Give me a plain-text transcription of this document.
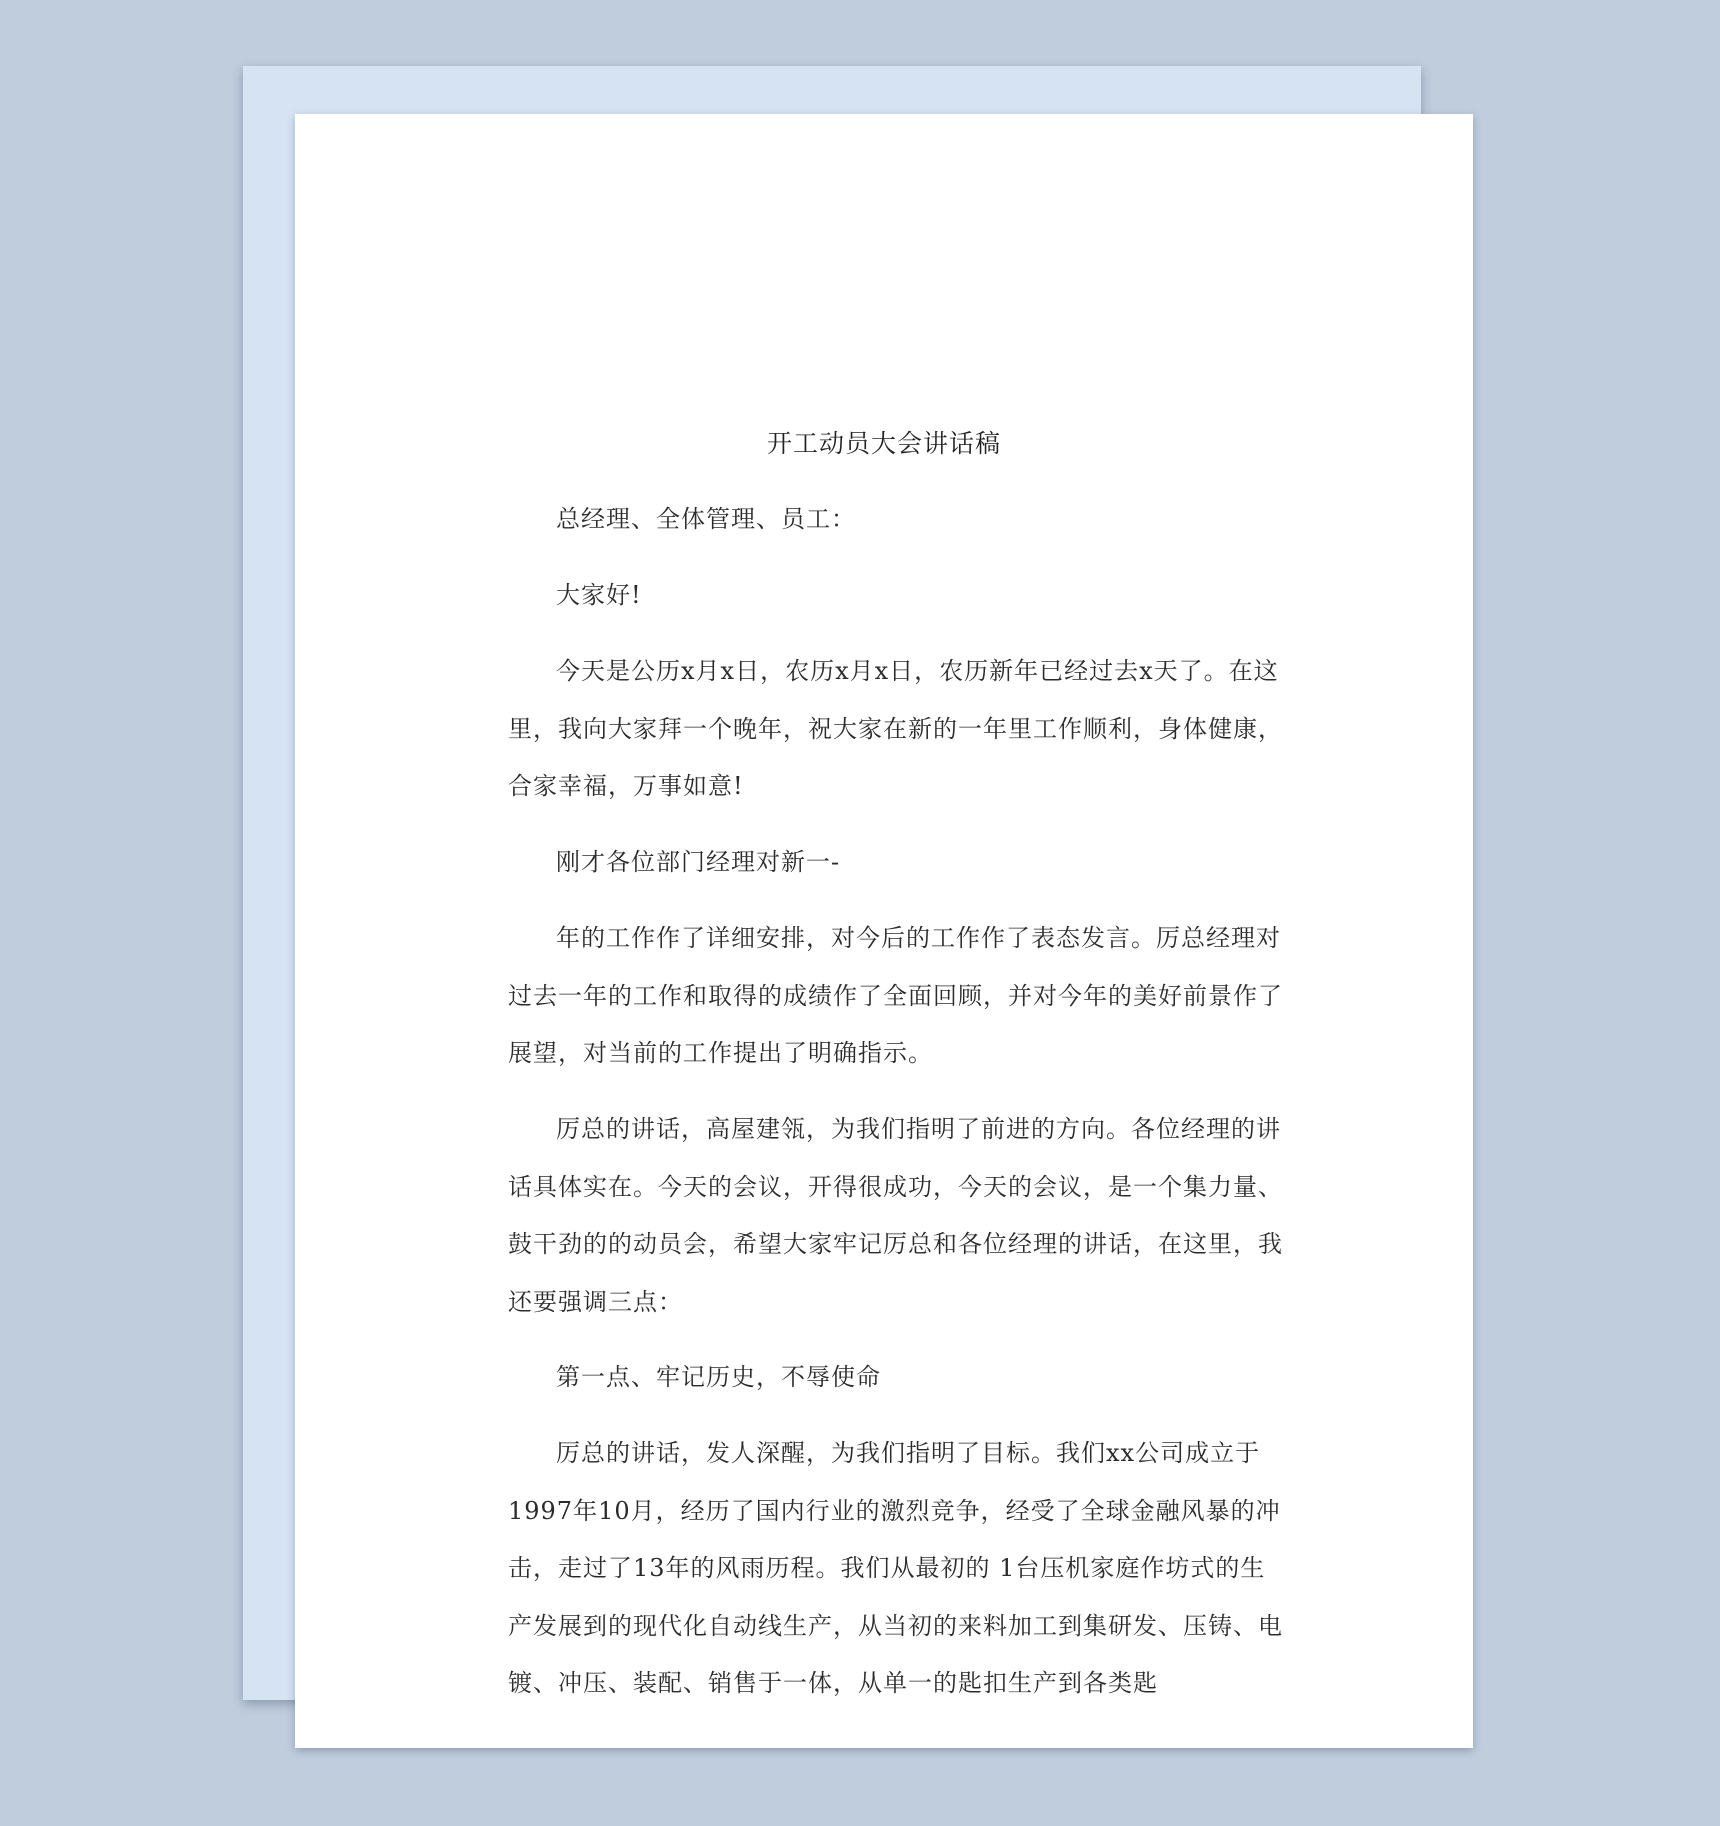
开工动员大会讲话稿

总经理、全体管理、员工：

大家好!

今天是公历x月x日，农历x月x日，农历新年已经过去x天了。在这里，我向大家拜一个晚年，祝大家在新的一年里工作顺利，身体健康，合家幸福，万事如意!

刚才各位部门经理对新一-

年的工作作了详细安排，对今后的工作作了表态发言。厉总经理对过去一年的工作和取得的成绩作了全面回顾，并对今年的美好前景作了展望，对当前的工作提出了明确指示。

厉总的讲话，高屋建瓴，为我们指明了前进的方向。各位经理的讲话具体实在。今天的会议，开得很成功，今天的会议，是一个集力量、鼓干劲的的动员会，希望大家牢记厉总和各位经理的讲话，在这里，我还要强调三点：

第一点、牢记历史，不辱使命

厉总的讲话，发人深醒，为我们指明了目标。我们xx公司成立于1997年10月，经历了国内行业的激烈竞争，经受了全球金融风暴的冲击，走过了13年的风雨历程。我们从最初的 1台压机家庭作坊式的生产发展到的现代化自动线生产，从当初的来料加工到集研发、压铸、电镀、冲压、装配、销售于一体，从单一的匙扣生产到各类匙
